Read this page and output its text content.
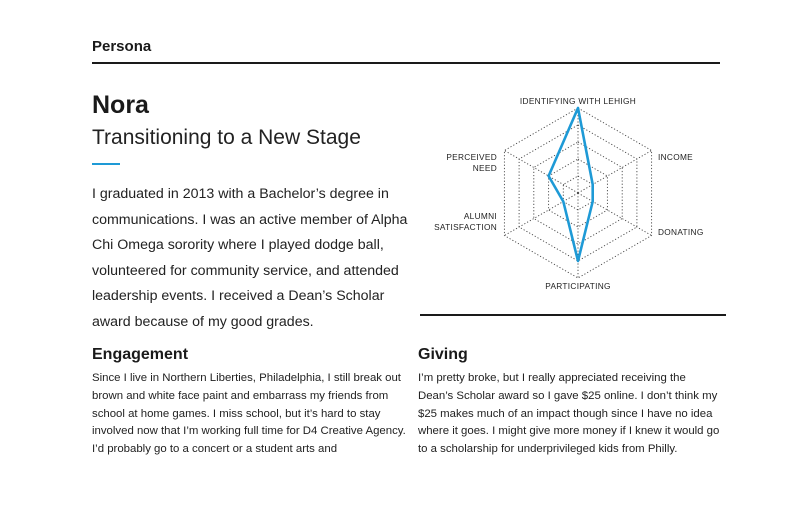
Persona
Nora
Transitioning to a New Stage
I graduated in 2013 with a Bachelor’s degree in communications. I was an active member of Alpha Chi Omega sorority where I played dodge ball, volunteered for community service, and attended leadership events. I received a Dean’s Scholar award because of my good grades.
IDENTIFYING WITH LEHIGH
INCOME
DONATING
PARTICIPATING
ALUMNI SATISFACTION
PERCEIVED NEED
Engagement
Since I live in Northern Liberties, Philadelphia, I still break out brown and white face paint and embarrass my friends from school at home games. I miss school, but it’s hard to stay involved now that I’m working full time for D4 Creative Agency. I’d probably go to a concert or a student arts and
Giving
I’m pretty broke, but I really appreciated receiving the Dean’s Scholar award so I gave $25 online. I don’t think my $25 makes much of an impact though since I have no idea where it goes. I might give more money if I knew it would go to a scholarship for underprivileged kids from Philly.
